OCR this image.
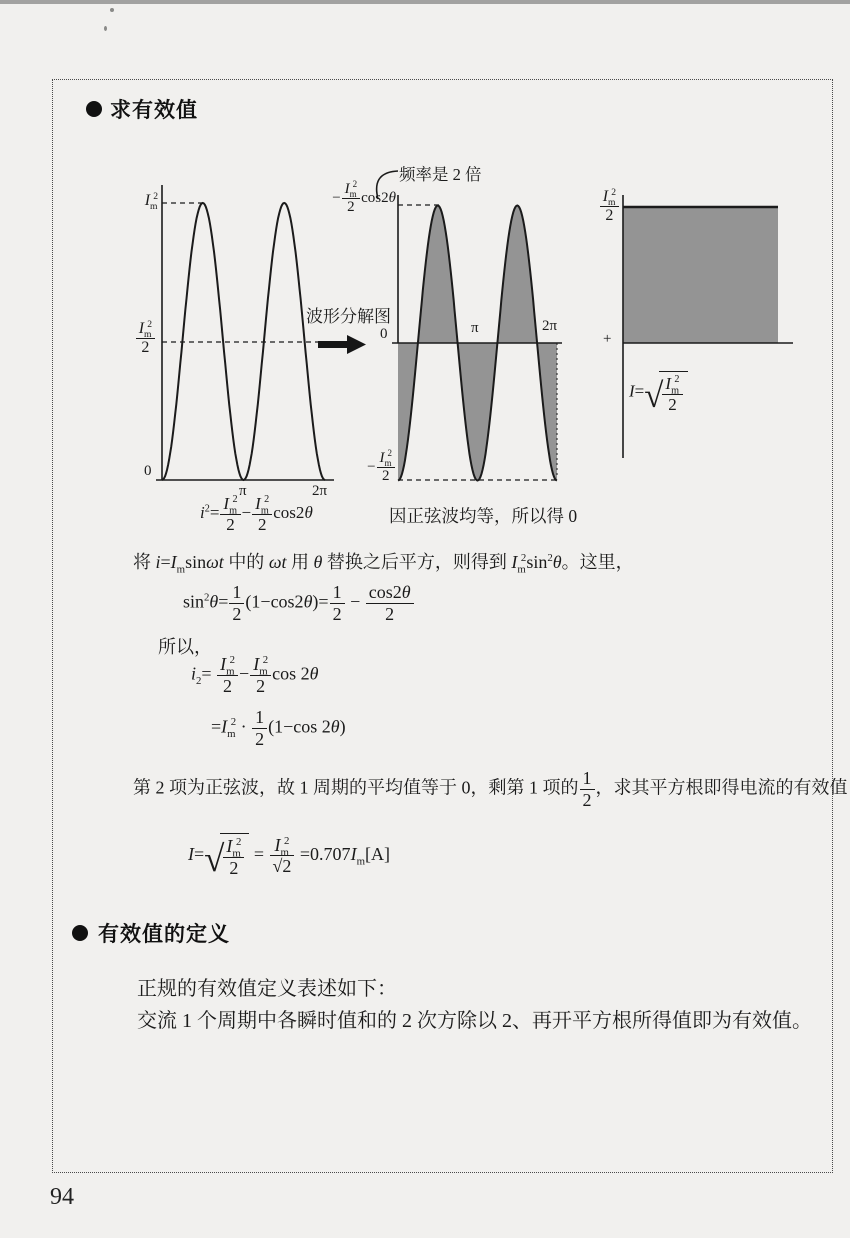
求有效值
$I_m^2$
$\frac{I_m^2}{2}$
0
π	2π
$i^2= \frac{I_m^2}{2} - \frac{I_m^2}{2} \cos 2\theta$
波形分解图
频率是 2 倍
− $\frac{I_m^2}{2} \cos 2\theta$
0	π	2π
− $\frac{I_m^2}{2}$
因正弦波均等，所以得 0
$\frac{I_m^2}{2}$
+
$I=√ \frac{I_m^2}{2}$
将 $i=I_m\sin\omega t$ 中的 ωt 用 θ 替换之后平方，则得到 $I_m^2\sin^2\theta$。这里，
$\sin^2\theta= \frac{1}{2} (1-\cos 2\theta)= \frac{1}{2} - \frac{\cos 2\theta}{2}$
所以，
$i_2= \frac{I_m^2}{2} - \frac{I_m^2}{2}$ cos 2θ
$=I_m^2 \cdot \frac{1}{2} (1-\cos$ 2θ)
第 2 项为正弦波，故 1 周期的平均值等于 0，剩第 1 项的 $\frac{1}{2}$ ，求其平方根即得电流的有效值
$I=√ \frac{I_m^2}{2} = \frac{I_m^2}{√2} =0.707I_m[A]$
有效值的定义
正规的有效值定义表述如下：
交流 1 个周期中各瞬时值和的 2 次方除以 2、再开平方根所得值即为有效值。
94
